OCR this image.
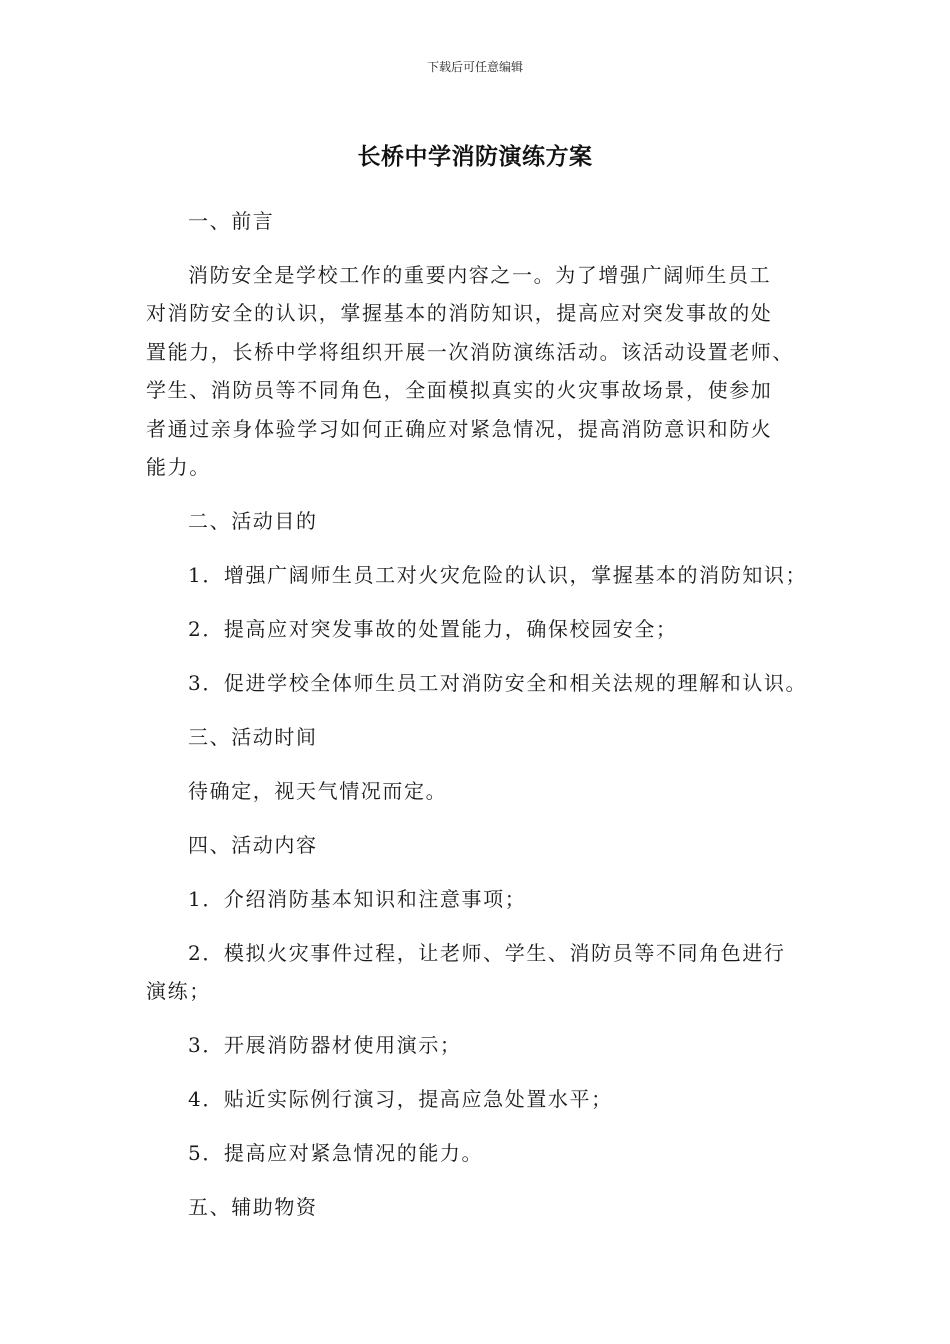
下载后可任意编辑
长桥中学消防演练方案
一、前言
消防安全是学校工作的重要内容之一。为了增强广阔师生员工
对消防安全的认识，掌握基本的消防知识，提高应对突发事故的处
置能力，长桥中学将组织开展一次消防演练活动。该活动设置老师、
学生、消防员等不同角色，全面模拟真实的火灾事故场景，使参加
者通过亲身体验学习如何正确应对紧急情况，提高消防意识和防火
能力。
二、活动目的
1．增强广阔师生员工对火灾危险的认识，掌握基本的消防知识；
2．提高应对突发事故的处置能力，确保校园安全；
3．促进学校全体师生员工对消防安全和相关法规的理解和认识。
三、活动时间
待确定，视天气情况而定。
四、活动内容
1．介绍消防基本知识和注意事项；
2．模拟火灾事件过程，让老师、学生、消防员等不同角色进行
演练；
3．开展消防器材使用演示；
4．贴近实际例行演习，提高应急处置水平；
5．提高应对紧急情况的能力。
五、辅助物资
